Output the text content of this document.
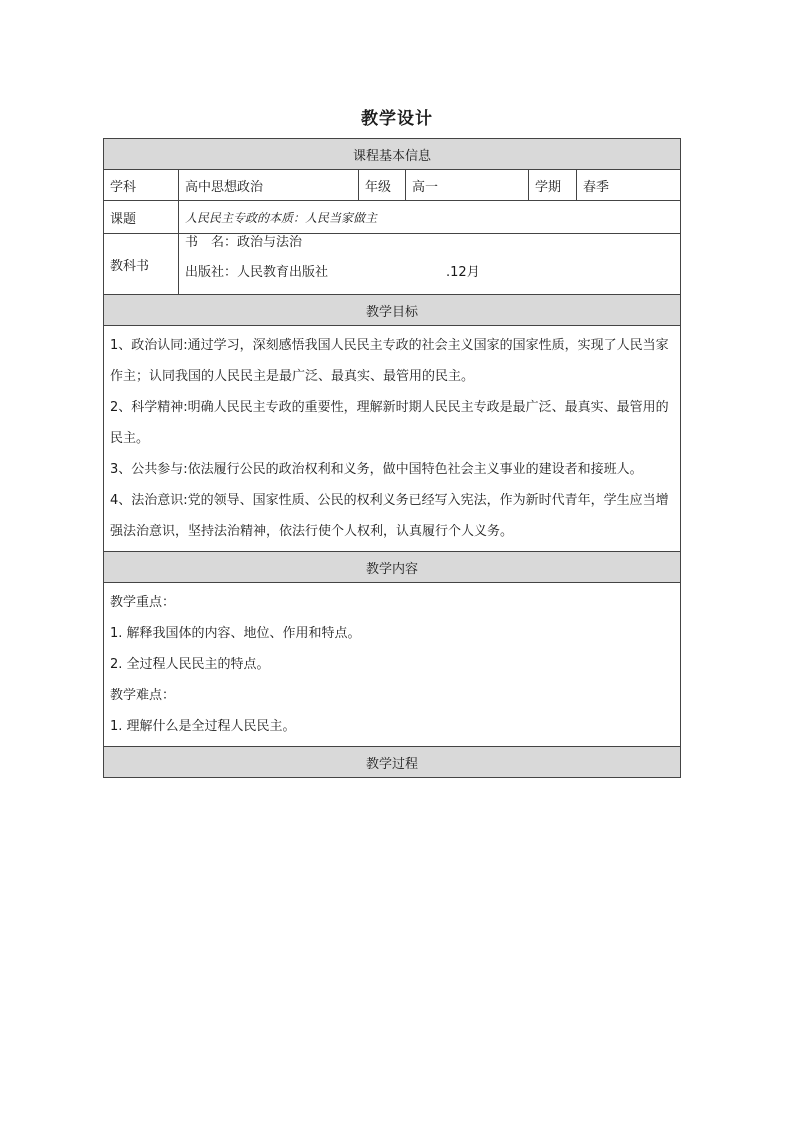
教学设计
课程基本信息					
学科	高中思想政治	年级	高一	学期	春季
课题	人民民主专政的本质：人民当家做主				
教科书	书　名：政治与法治
出版社：人民教育出版社 .12月				

教学目标					

1、政治认同:通过学习，深刻感悟我国人民民主专政的社会主义国家的国家性质，实现了人民当家作主；认同我国的人民民主是最广泛、最真实、最管用的民主。

2、科学精神:明确人民民主专政的重要性，理解新时期人民民主专政是最广泛、最真实、最管用的民主。

3、公共参与:依法履行公民的政治权利和义务，做中国特色社会主义事业的建设者和接班人。

4、法治意识:党的领导、国家性质、公民的权利义务已经写入宪法，作为新时代青年，学生应当增强法治意识，坚持法治精神，依法行使个人权利，认真履行个人义务。					

教学内容					

教学重点：

1. 解释我国体的内容、地位、作用和特点。

2. 全过程人民民主的特点。

教学难点：

1. 理解什么是全过程人民民主。					

教学过程					
